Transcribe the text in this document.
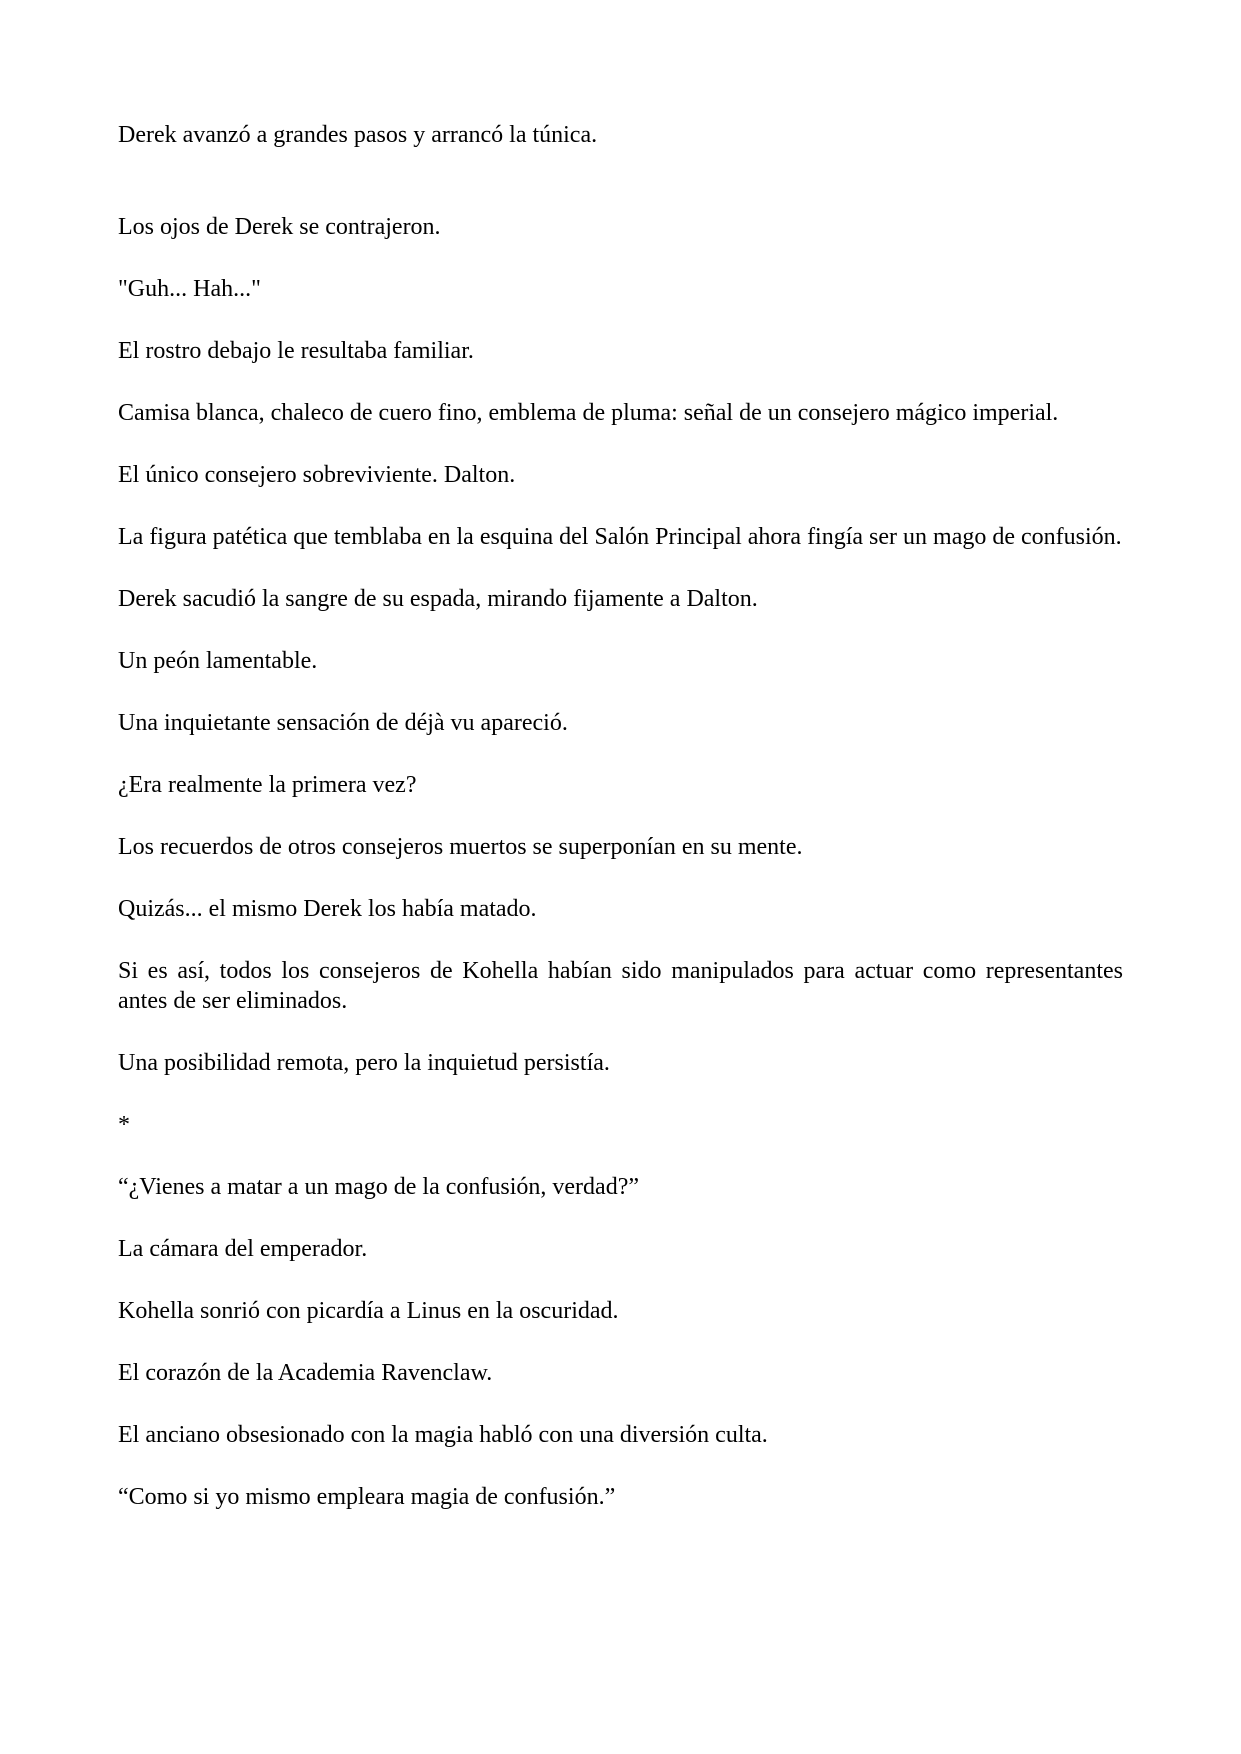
Derek avanzó a grandes pasos y arrancó la túnica.

Los ojos de Derek se contrajeron.

"Guh... Hah..."

El rostro debajo le resultaba familiar.

Camisa blanca, chaleco de cuero fino, emblema de pluma: señal de un consejero mágico imperial.

El único consejero sobreviviente. Dalton.

La figura patética que temblaba en la esquina del Salón Principal ahora fingía ser un mago de confusión.

Derek sacudió la sangre de su espada, mirando fijamente a Dalton.

Un peón lamentable.

Una inquietante sensación de déjà vu apareció.

¿Era realmente la primera vez?

Los recuerdos de otros consejeros muertos se superponían en su mente.

Quizás... el mismo Derek los había matado.

Si es así, todos los consejeros de Kohella habían sido manipulados para actuar como representantes antes de ser eliminados.

Una posibilidad remota, pero la inquietud persistía.

*

“¿Vienes a matar a un mago de la confusión, verdad?”

La cámara del emperador.

Kohella sonrió con picardía a Linus en la oscuridad.

El corazón de la Academia Ravenclaw.

El anciano obsesionado con la magia habló con una diversión culta.

“Como si yo mismo empleara magia de confusión.”
